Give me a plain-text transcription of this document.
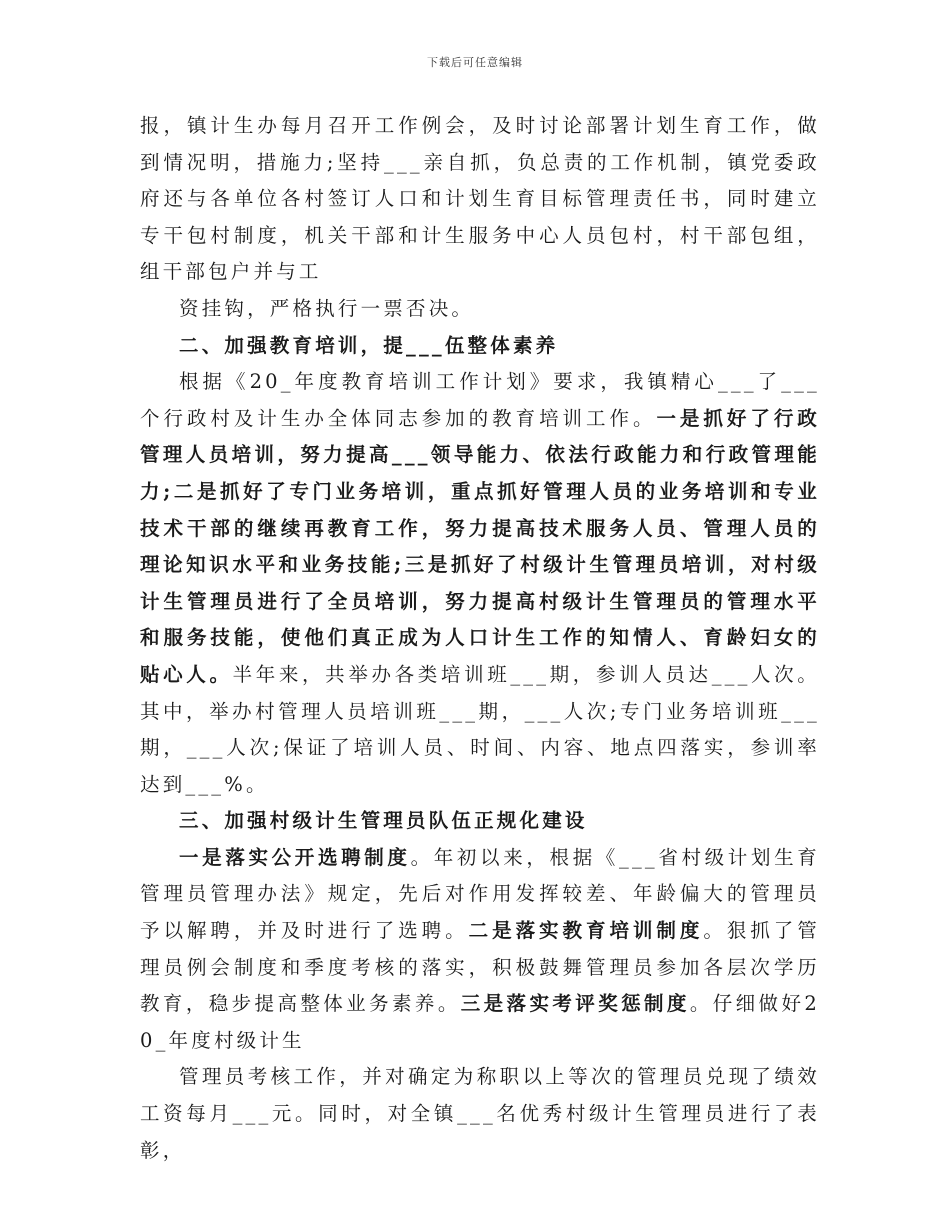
下载后可任意编辑

报，镇计生办每月召开工作例会，及时讨论部署计划生育工作，做到情况明，措施力;坚持___亲自抓，负总责的工作机制，镇党委政府还与各单位各村签订人口和计划生育目标管理责任书，同时建立专干包村制度，机关干部和计生服务中心人员包村，村干部包组，组干部包户并与工

资挂钩，严格执行一票否决。

二、加强教育培训，提___伍整体素养

根据《20_年度教育培训工作计划》要求，我镇精心___了___个行政村及计生办全体同志参加的教育培训工作。一是抓好了行政管理人员培训，努力提高___领导能力、依法行政能力和行政管理能力;二是抓好了专门业务培训，重点抓好管理人员的业务培训和专业技术干部的继续再教育工作，努力提高技术服务人员、管理人员的理论知识水平和业务技能;三是抓好了村级计生管理员培训，对村级计生管理员进行了全员培训，努力提高村级计生管理员的管理水平和服务技能，使他们真正成为人口计生工作的知情人、育龄妇女的贴心人。半年来，共举办各类培训班___期，参训人员达___人次。其中，举办村管理人员培训班___期，___人次;专门业务培训班___期，___人次;保证了培训人员、时间、内容、地点四落实，参训率达到___%。

三、加强村级计生管理员队伍正规化建设

一是落实公开选聘制度。年初以来，根据《___省村级计划生育管理员管理办法》规定，先后对作用发挥较差、年龄偏大的管理员予以解聘，并及时进行了选聘。二是落实教育培训制度。狠抓了管理员例会制度和季度考核的落实，积极鼓舞管理员参加各层次学历教育，稳步提高整体业务素养。三是落实考评奖惩制度。仔细做好20_年度村级计生

管理员考核工作，并对确定为称职以上等次的管理员兑现了绩效工资每月___元。同时，对全镇___名优秀村级计生管理员进行了表彰，
